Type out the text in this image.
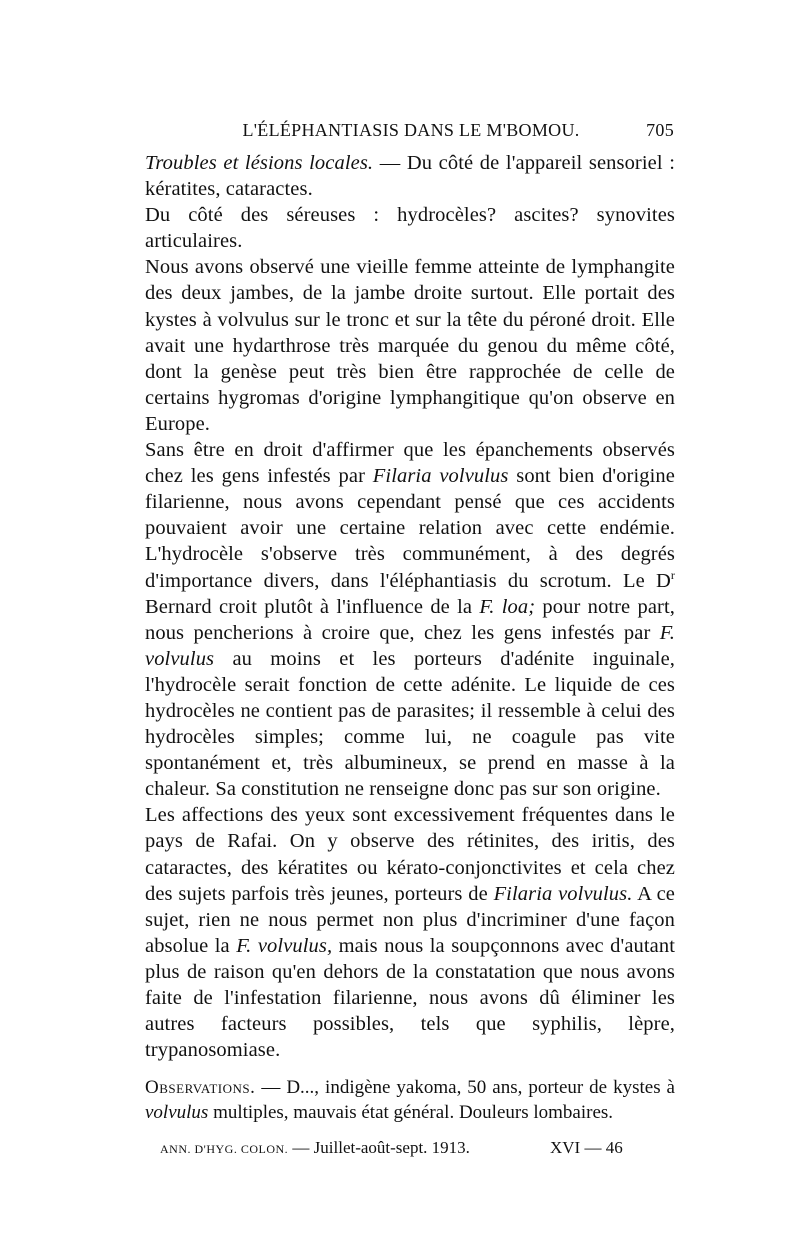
L'ÉLÉPHANTIASIS DANS LE M'BOMOU.	705

Troubles et lésions locales. — Du côté de l'appareil sensoriel : kératites, cataractes.

Du côté des séreuses : hydrocèles? ascites? synovites articulaires.

Nous avons observé une vieille femme atteinte de lymphangite des deux jambes, de la jambe droite surtout. Elle portait des kystes à volvulus sur le tronc et sur la tête du péroné droit. Elle avait une hydarthrose très marquée du genou du même côté, dont la genèse peut très bien être rapprochée de celle de certains hygromas d'origine lymphangitique qu'on observe en Europe.

Sans être en droit d'affirmer que les épanchements observés chez les gens infestés par Filaria volvulus sont bien d'origine filarienne, nous avons cependant pensé que ces accidents pouvaient avoir une certaine relation avec cette endémie. L'hydrocèle s'observe très communément, à des degrés d'importance divers, dans l'éléphantiasis du scrotum. Le $D^r$ Bernard croit plutôt à l'influence de la F. loa; pour notre part, nous pencherions à croire que, chez les gens infestés par F. volvulus au moins et les porteurs d'adénite inguinale, l'hydrocèle serait fonction de cette adénite. Le liquide de ces hydrocèles ne contient pas de parasites; il ressemble à celui des hydrocèles simples; comme lui, ne coagule pas vite spontanément et, très albumineux, se prend en masse à la chaleur. Sa constitution ne renseigne donc pas sur son origine.

Les affections des yeux sont excessivement fréquentes dans le pays de Rafai. On y observe des rétinites, des iritis, des cataractes, des kératites ou kérato-conjonctivites et cela chez des sujets parfois très jeunes, porteurs de Filaria volvulus. A ce sujet, rien ne nous permet non plus d'incriminer d'une façon absolue la F. volvulus, mais nous la soupçonnons avec d'autant plus de raison qu'en dehors de la constatation que nous avons faite de l'infestation filarienne, nous avons dû éliminer les autres facteurs possibles, tels que syphilis, lèpre, trypanosomiase.

Observations. — D..., indigène yakoma, 50 ans, porteur de kystes à volvulus multiples, mauvais état général. Douleurs lombaires.
ANN. D'HYG. COLON. — Juillet-août-sept. 1913.	XVI — 46
